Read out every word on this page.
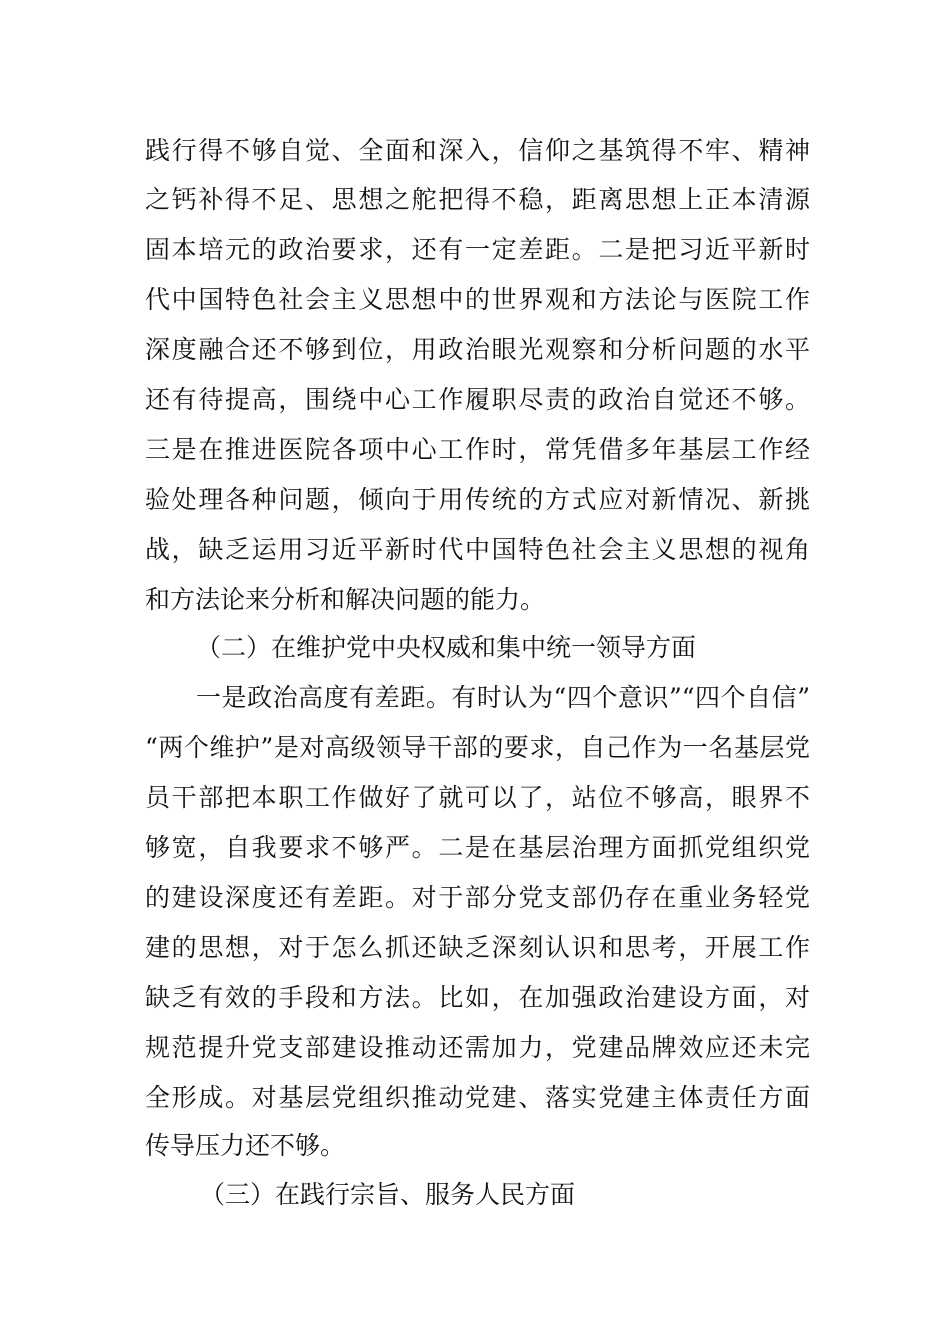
践行得不够自觉、全面和深入，信仰之基筑得不牢、精神
之钙补得不足、思想之舵把得不稳，距离思想上正本清源
固本培元的政治要求，还有一定差距。二是把习近平新时
代中国特色社会主义思想中的世界观和方法论与医院工作
深度融合还不够到位，用政治眼光观察和分析问题的水平
还有待提高，围绕中心工作履职尽责的政治自觉还不够。
三是在推进医院各项中心工作时，常凭借多年基层工作经
验处理各种问题，倾向于用传统的方式应对新情况、新挑
战，缺乏运用习近平新时代中国特色社会主义思想的视角
和方法论来分析和解决问题的能力。
（二）在维护党中央权威和集中统一领导方面
一是政治高度有差距。有时认为“四个意识”“四个自信”
“两个维护”是对高级领导干部的要求，自己作为一名基层党
员干部把本职工作做好了就可以了，站位不够高，眼界不
够宽，自我要求不够严。二是在基层治理方面抓党组织党
的建设深度还有差距。对于部分党支部仍存在重业务轻党
建的思想，对于怎么抓还缺乏深刻认识和思考，开展工作
缺乏有效的手段和方法。比如，在加强政治建设方面，对
规范提升党支部建设推动还需加力，党建品牌效应还未完
全形成。对基层党组织推动党建、落实党建主体责任方面
传导压力还不够。
（三）在践行宗旨、服务人民方面
